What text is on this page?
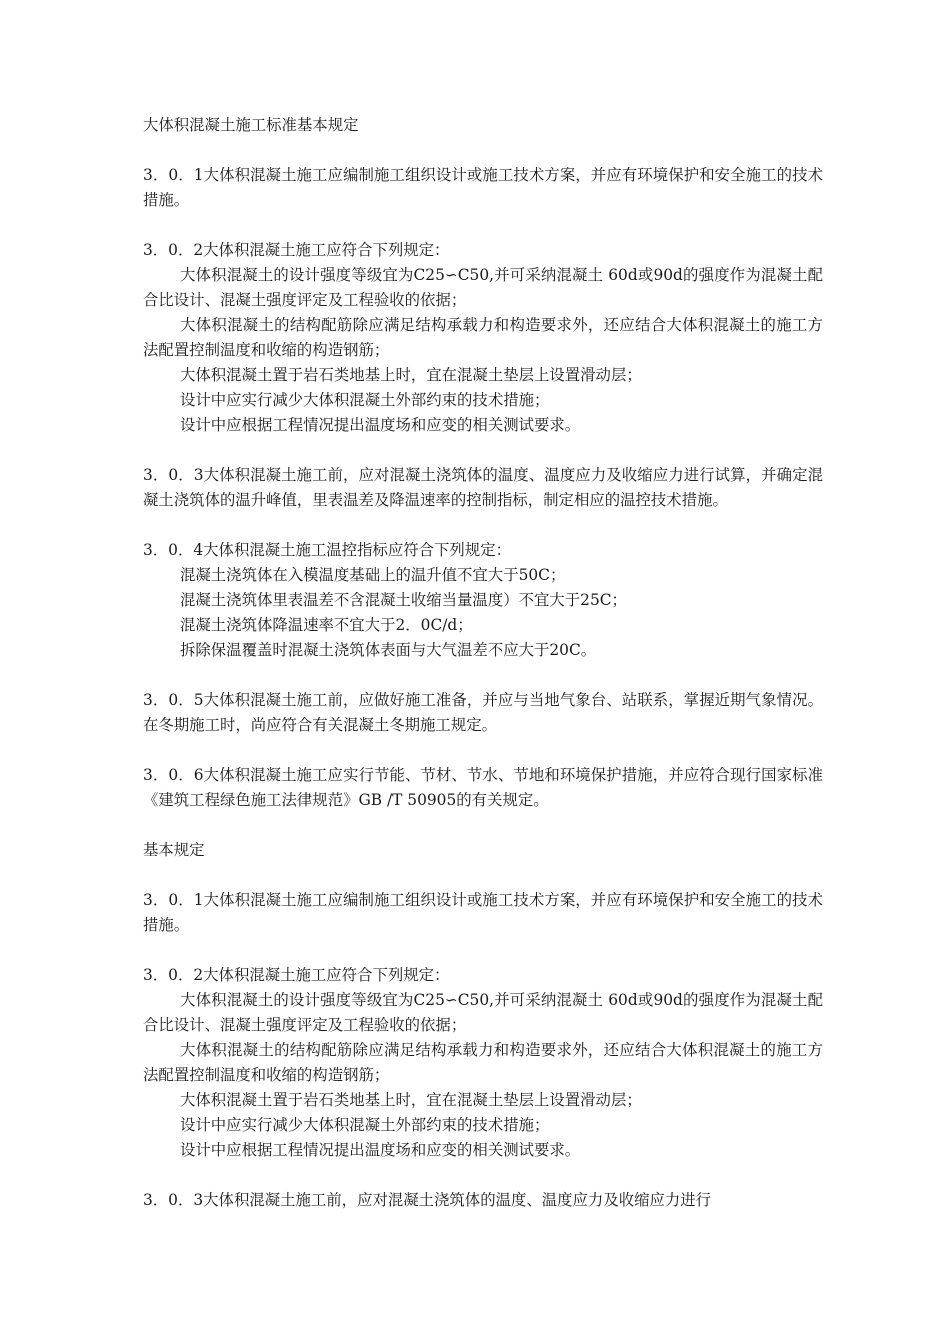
大体积混凝土施工标准基本规定

3．0．1大体积混凝土施工应编制施工组织设计或施工技术方案，并应有环境保护和安全施工的技术措施。

3．0．2大体积混凝土施工应符合下列规定：
大体积混凝土的设计强度等级宜为C25∽C50,并可采纳混凝土 60d或90d的强度作为混凝土配合比设计、混凝土强度评定及工程验收的依据；
大体积混凝土的结构配筋除应满足结构承载力和构造要求外，还应结合大体积混凝土的施工方法配置控制温度和收缩的构造钢筋；
大体积混凝土置于岩石类地基上时，宜在混凝土垫层上设置滑动层；
设计中应实行减少大体积混凝土外部约束的技术措施；
设计中应根据工程情况提出温度场和应变的相关测试要求。

3．0．3大体积混凝土施工前，应对混凝土浇筑体的温度、温度应力及收缩应力进行试算，并确定混凝土浇筑体的温升峰值，里表温差及降温速率的控制指标，制定相应的温控技术措施。

3．0．4大体积混凝土施工温控指标应符合下列规定：
混凝土浇筑体在入模温度基础上的温升值不宜大于50C；
混凝土浇筑体里表温差不含混凝土收缩当量温度）不宜大于25C；
混凝土浇筑体降温速率不宜大于2．0C/d；
拆除保温覆盖时混凝土浇筑体表面与大气温差不应大于20C。

3．0．5大体积混凝土施工前，应做好施工准备，并应与当地气象台、站联系，掌握近期气象情况。在冬期施工时，尚应符合有关混凝土冬期施工规定。

3．0．6大体积混凝土施工应实行节能、节材、节水、节地和环境保护措施，并应符合现行国家标准《建筑工程绿色施工法律规范》GB /T 50905的有关规定。

基本规定

3．0．1大体积混凝土施工应编制施工组织设计或施工技术方案，并应有环境保护和安全施工的技术措施。

3．0．2大体积混凝土施工应符合下列规定：
大体积混凝土的设计强度等级宜为C25∽C50,并可采纳混凝土 60d或90d的强度作为混凝土配合比设计、混凝土强度评定及工程验收的依据；
大体积混凝土的结构配筋除应满足结构承载力和构造要求外，还应结合大体积混凝土的施工方法配置控制温度和收缩的构造钢筋；
大体积混凝土置于岩石类地基上时，宜在混凝土垫层上设置滑动层；
设计中应实行减少大体积混凝土外部约束的技术措施；
设计中应根据工程情况提出温度场和应变的相关测试要求。

3．0．3大体积混凝土施工前，应对混凝土浇筑体的温度、温度应力及收缩应力进行
